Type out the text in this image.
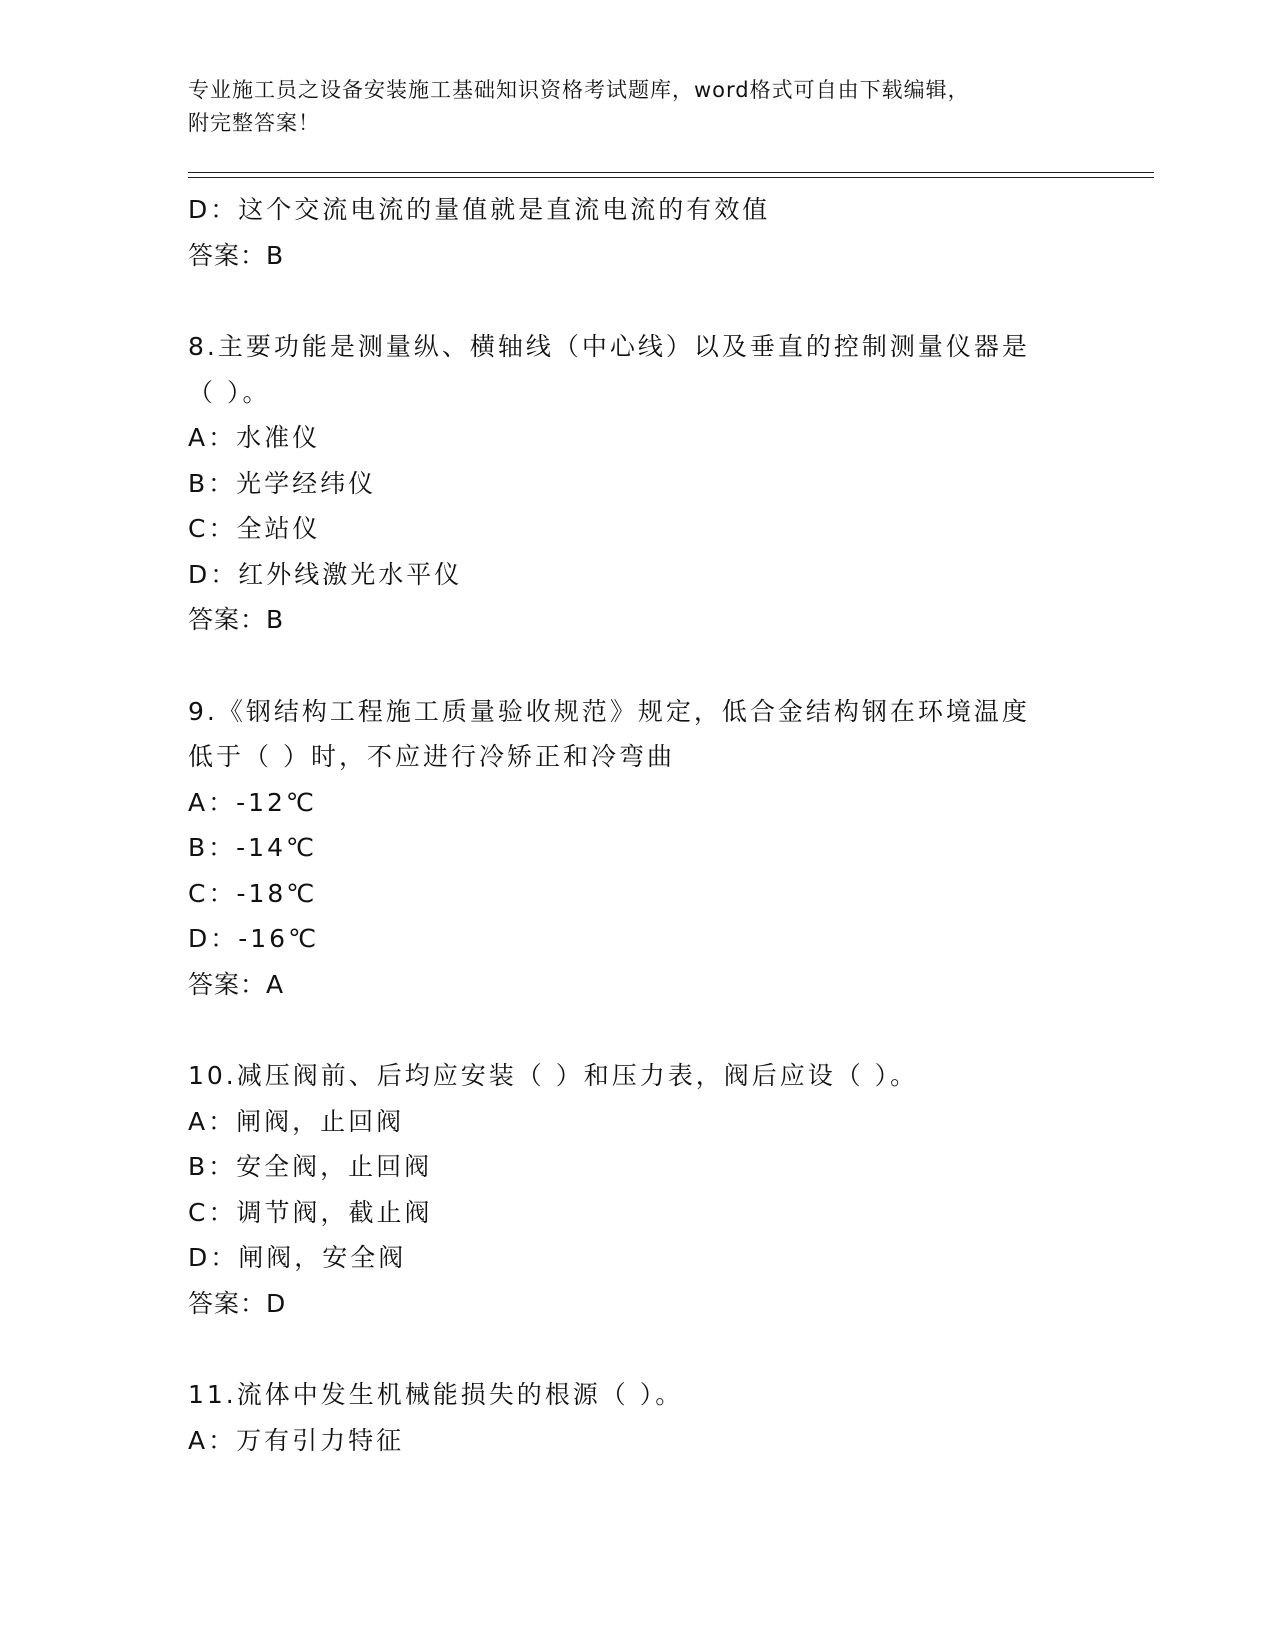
专业施工员之设备安装施工基础知识资格考试题库，word格式可自由下载编辑，
附完整答案！
D：这个交流电流的量值就是直流电流的有效值
答案：B
8.主要功能是测量纵、横轴线（中心线）以及垂直的控制测量仪器是
（ ）。
A：水准仪
B：光学经纬仪
C：全站仪
D：红外线激光水平仪
答案：B
9.《钢结构工程施工质量验收规范》规定，低合金结构钢在环境温度
低于（ ）时，不应进行冷矫正和冷弯曲
A：-12℃
B：-14℃
C：-18℃
D：-16℃
答案：A
10.减压阀前、后均应安装（ ）和压力表，阀后应设（ ）。
A：闸阀，止回阀
B：安全阀，止回阀
C：调节阀，截止阀
D：闸阀，安全阀
答案：D
11.流体中发生机械能损失的根源（ ）。
A：万有引力特征
